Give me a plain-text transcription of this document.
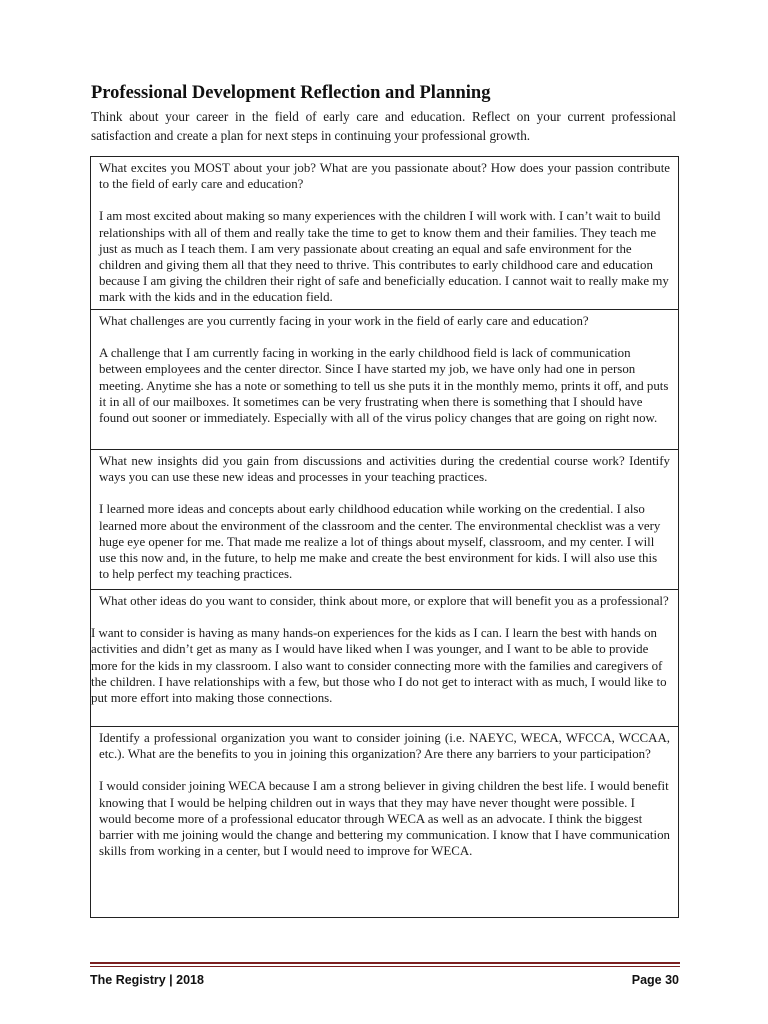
Professional Development Reflection and Planning

Think about your career in the field of early care and education. Reflect on your current professional satisfaction and create a plan for next steps in continuing your professional growth.

What excites you MOST about your job? What are you passionate about? How does your passion contribute to the field of early care and education?

I am most excited about making so many experiences with the children I will work with. I can’t wait to build relationships with all of them and really take the time to get to know them and their families. They teach me just as much as I teach them. I am very passionate about creating an equal and safe environment for the children and giving them all that they need to thrive. This contributes to early childhood care and education because I am giving the children their right of safe and beneficially education. I cannot wait to really make my mark with the kids and in the education field.

What challenges are you currently facing in your work in the field of early care and education?

A challenge that I am currently facing in working in the early childhood field is lack of communication between employees and the center director. Since I have started my job, we have only had one in person meeting. Anytime she has a note or something to tell us she puts it in the monthly memo, prints it off, and puts it in all of our mailboxes. It sometimes can be very frustrating when there is something that I should have found out sooner or immediately. Especially with all of the virus policy changes that are going on right now.

What new insights did you gain from discussions and activities during the credential course work? Identify ways you can use these new ideas and processes in your teaching practices.

I learned more ideas and concepts about early childhood education while working on the credential. I also learned more about the environment of the classroom and the center. The environmental checklist was a very huge eye opener for me. That made me realize a lot of things about myself, classroom, and my center. I will use this now and, in the future, to help me make and create the best environment for kids. I will also use this to help perfect my teaching practices.

What other ideas do you want to consider, think about more, or explore that will benefit you as a professional?

I want to consider is having as many hands-on experiences for the kids as I can. I learn the best with hands on activities and didn’t get as many as I would have liked when I was younger, and I want to be able to provide more for the kids in my classroom. I also want to consider connecting more with the families and caregivers of the children. I have relationships with a few, but those who I do not get to interact with as much, I would like to put more effort into making those connections.

Identify a professional organization you want to consider joining (i.e. NAEYC, WECA, WFCCA, WCCAA, etc.). What are the benefits to you in joining this organization? Are there any barriers to your participation?

I would consider joining WECA because I am a strong believer in giving children the best life. I would benefit knowing that I would be helping children out in ways that they may have never thought were possible. I would become more of a professional educator through WECA as well as an advocate. I think the biggest barrier with me joining would the change and bettering my communication. I know that I have communication skills from working in a center, but I would need to improve for WECA.

The Registry | 2018	Page 30
